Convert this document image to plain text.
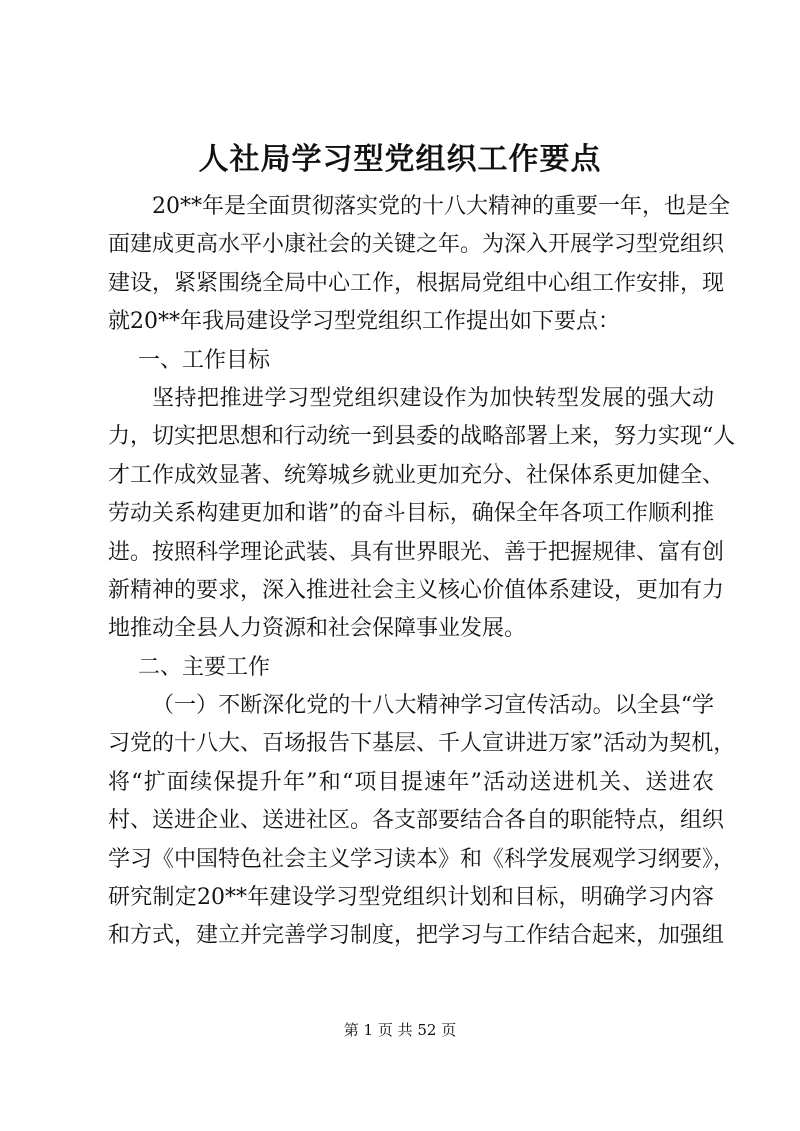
人社局学习型党组织工作要点
20**年是全面贯彻落实党的十八大精神的重要一年，也是全
面建成更高水平小康社会的关键之年。为深入开展学习型党组织
建设，紧紧围绕全局中心工作，根据局党组中心组工作安排，现
就20**年我局建设学习型党组织工作提出如下要点：
一、工作目标
坚持把推进学习型党组织建设作为加快转型发展的强大动
力，切实把思想和行动统一到县委的战略部署上来，努力实现“人
才工作成效显著、统筹城乡就业更加充分、社保体系更加健全、
劳动关系构建更加和谐”的奋斗目标，确保全年各项工作顺利推
进。按照科学理论武装、具有世界眼光、善于把握规律、富有创
新精神的要求，深入推进社会主义核心价值体系建设，更加有力
地推动全县人力资源和社会保障事业发展。
二、主要工作
（一）不断深化党的十八大精神学习宣传活动。以全县“学
习党的十八大、百场报告下基层、千人宣讲进万家”活动为契机，
将“扩面续保提升年”和“项目提速年”活动送进机关、送进农
村、送进企业、送进社区。各支部要结合各自的职能特点，组织
学习《中国特色社会主义学习读本》和《科学发展观学习纲要》，
研究制定20**年建设学习型党组织计划和目标，明确学习内容
和方式，建立并完善学习制度，把学习与工作结合起来，加强组
第 1 页 共 52 页
